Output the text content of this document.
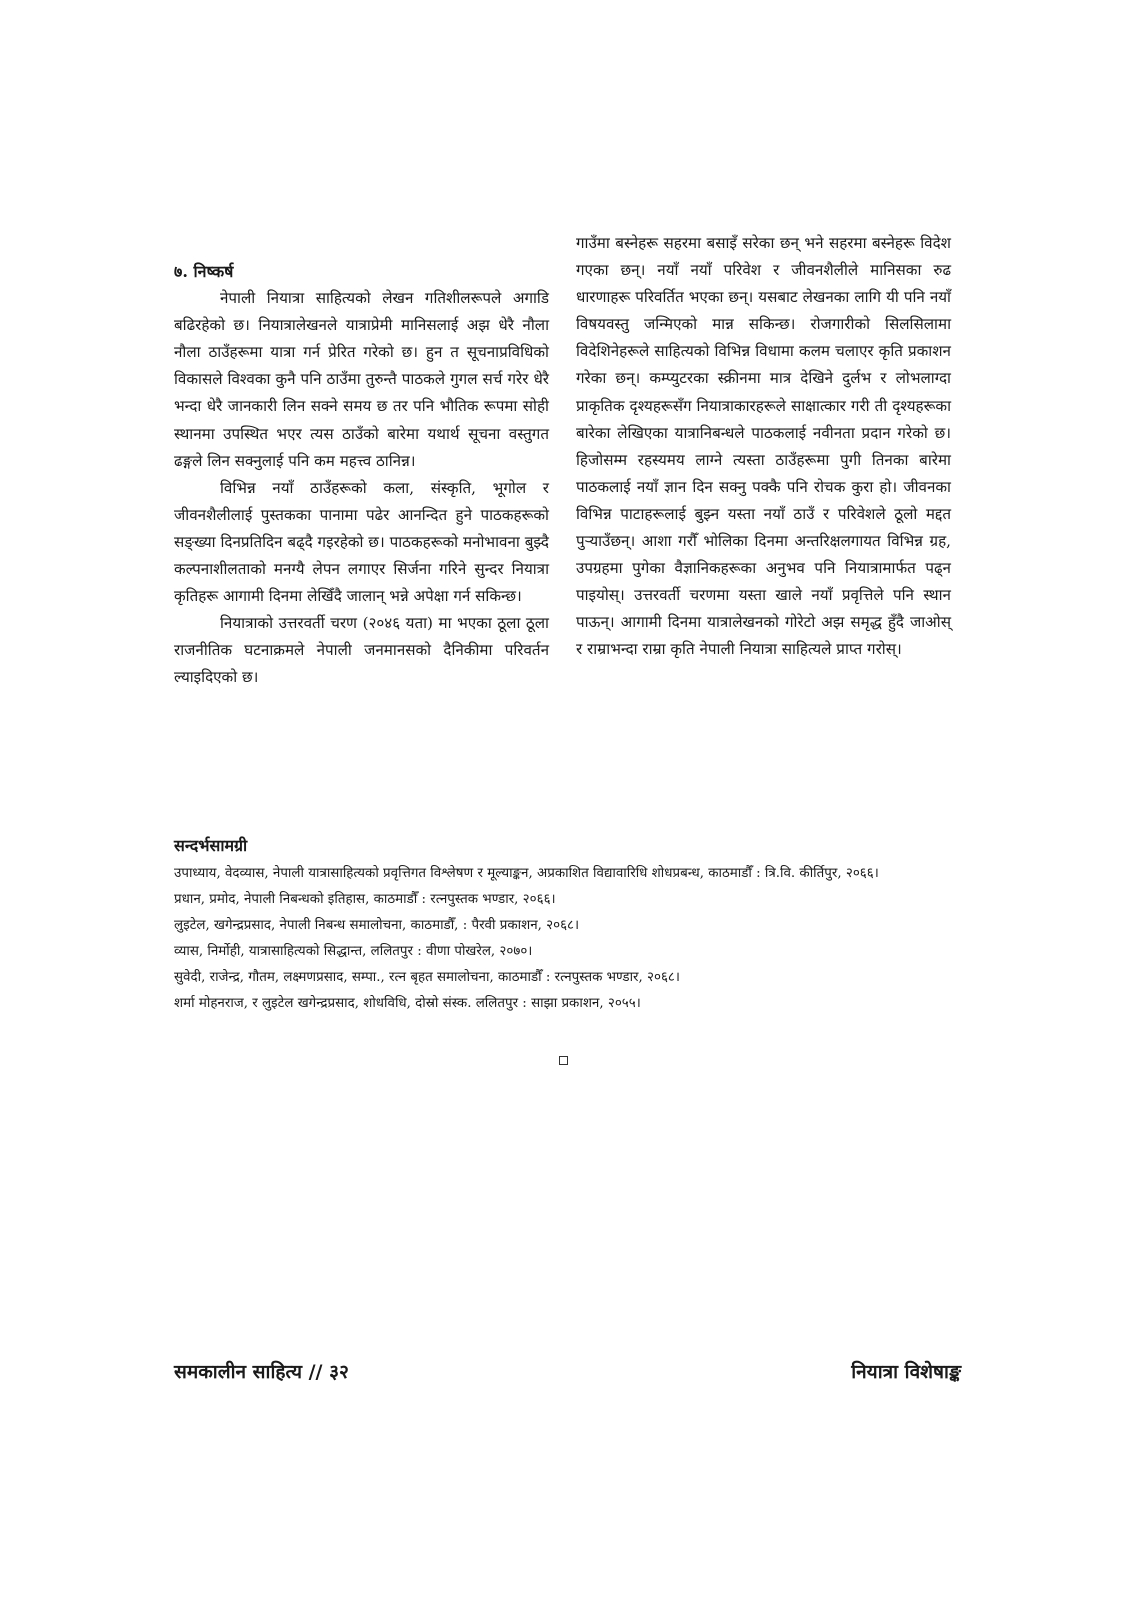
७. निष्कर्ष

नेपाली नियात्रा साहित्यको लेखन गतिशीलरूपले अगाडि बढिरहेको छ। नियात्रालेखनले यात्राप्रेमी मानिसलाई अझ धेरै नौला नौला ठाउँहरूमा यात्रा गर्न प्रेरित गरेको छ। हुन त सूचनाप्रविधिको विकासले विश्वका कुनै पनि ठाउँमा तुरुन्तै पाठकले गुगल सर्च गरेर धेरै भन्दा धेरै जानकारी लिन सक्ने समय छ तर पनि भौतिक रूपमा सोही स्थानमा उपस्थित भएर त्यस ठाउँको बारेमा यथार्थ सूचना वस्तुगत ढङ्गले लिन सक्नुलाई पनि कम महत्त्व ठानिन्न।

विभिन्न नयाँ ठाउँहरूको कला, संस्कृति, भूगोल र जीवनशैलीलाई पुस्तकका पानामा पढेर आनन्दित हुने पाठकहरूको सङ्ख्या दिनप्रतिदिन बढ्दै गइरहेको छ। पाठकहरूको मनोभावना बुझ्दै कल्पनाशीलताको मनग्यै लेपन लगाएर सिर्जना गरिने सुन्दर नियात्रा कृतिहरू आगामी दिनमा लेखिँदै जालान् भन्ने अपेक्षा गर्न सकिन्छ।

नियात्राको उत्तरवर्ती चरण (२०४६ यता) मा भएका ठूला ठूला राजनीतिक घटनाक्रमले नेपाली जनमानसको दैनिकीमा परिवर्तन ल्याइदिएको छ।

गाउँमा बस्नेहरू सहरमा बसाइँ सरेका छन् भने सहरमा बस्नेहरू विदेश गएका छन्। नयाँ नयाँ परिवेश र जीवनशैलीले मानिसका रुढ धारणाहरू परिवर्तित भएका छन्। यसबाट लेखनका लागि यी पनि नयाँ विषयवस्तु जन्मिएको मान्न सकिन्छ। रोजगारीको सिलसिलामा विदेशिनेहरूले साहित्यको विभिन्न विधामा कलम चलाएर कृति प्रकाशन गरेका छन्। कम्प्युटरका स्क्रीनमा मात्र देखिने दुर्लभ र लोभलाग्दा प्राकृतिक दृश्यहरूसँग नियात्राकारहरूले साक्षात्कार गरी ती दृश्यहरूका बारेका लेखिएका यात्रानिबन्धले पाठकलाई नवीनता प्रदान गरेको छ। हिजोसम्म रहस्यमय लाग्ने त्यस्ता ठाउँहरूमा पुगी तिनका बारेमा पाठकलाई नयाँ ज्ञान दिन सक्नु पक्कै पनि रोचक कुरा हो। जीवनका विभिन्न पाटाहरूलाई बुझ्न यस्ता नयाँ ठाउँ र परिवेशले ठूलो मद्दत पुऱ्याउँछन्। आशा गरौँ भोलिका दिनमा अन्तरिक्षलगायत विभिन्न ग्रह, उपग्रहमा पुगेका वैज्ञानिकहरूका अनुभव पनि नियात्रामार्फत पढ्न पाइयोस्। उत्तरवर्ती चरणमा यस्ता खाले नयाँ प्रवृत्तिले पनि स्थान पाऊन्। आगामी दिनमा यात्रालेखनको गोरेटो अझ समृद्ध हुँदै जाओस् र राम्राभन्दा राम्रा कृति नेपाली नियात्रा साहित्यले प्राप्त गरोस्।

सन्दर्भसामग्री

उपाध्याय, वेदव्यास, नेपाली यात्रासाहित्यको प्रवृत्तिगत विश्लेषण र मूल्याङ्कन, अप्रकाशित विद्यावारिधि शोधप्रबन्ध, काठमाडौँ : त्रि.वि. कीर्तिपुर, २०६६।

प्रधान, प्रमोद, नेपाली निबन्धको इतिहास, काठमाडौँ : रत्नपुस्तक भण्डार, २०६६।

लुइटेल, खगेन्द्रप्रसाद, नेपाली निबन्ध समालोचना, काठमाडौँ, : पैरवी प्रकाशन, २०६८।

व्यास, निर्मोही, यात्रासाहित्यको सिद्धान्त, ललितपुर : वीणा पोखरेल, २०७०।

सुवेदी, राजेन्द्र, गौतम, लक्ष्मणप्रसाद, सम्पा., रत्न बृहत समालोचना, काठमाडौँ : रत्नपुस्तक भण्डार, २०६८।

शर्मा मोहनराज, र लुइटेल खगेन्द्रप्रसाद, शोधविधि, दोस्रो संस्क. ललितपुर : साझा प्रकाशन, २०५५।

समकालीन साहित्य // ३२	नियात्रा विशेषाङ्क
